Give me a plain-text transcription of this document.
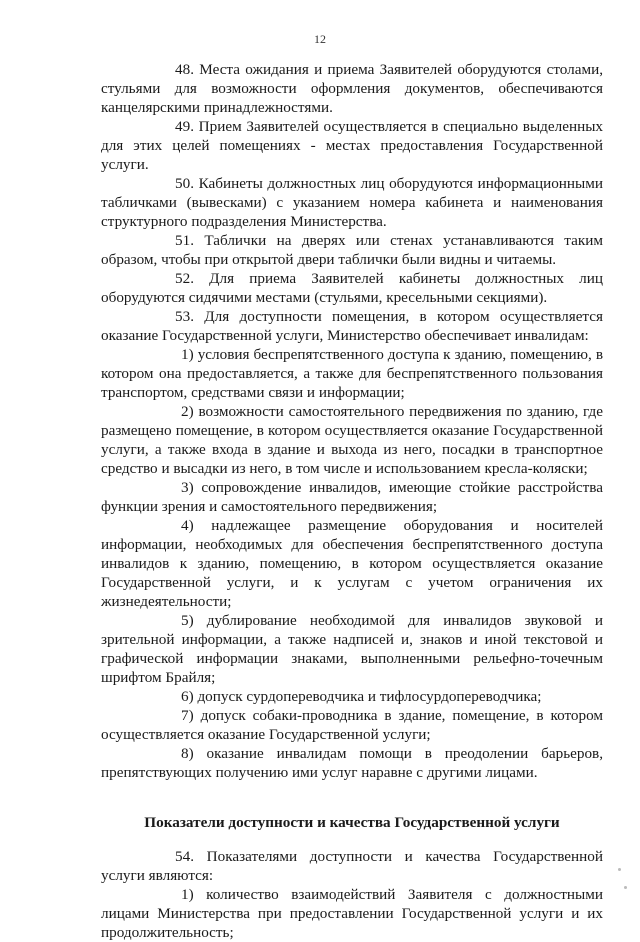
12

48. Места ожидания и приема Заявителей оборудуются столами, стульями для возможности оформления документов, обеспечиваются канцелярскими принадлежностями.

49. Прием Заявителей осуществляется в специально выделенных для этих целей помещениях - местах предоставления Государственной услуги.

50. Кабинеты должностных лиц оборудуются информационными табличками (вывесками) с указанием номера кабинета и наименования структурного подразделения Министерства.

51. Таблички на дверях или стенах устанавливаются таким образом, чтобы при открытой двери таблички были видны и читаемы.

52. Для приема Заявителей кабинеты должностных лиц оборудуются сидячими местами (стульями, кресельными секциями).

53. Для доступности помещения, в котором осуществляется оказание Государственной услуги, Министерство обеспечивает инвалидам:

1) условия беспрепятственного доступа к зданию, помещению, в котором она предоставляется, а также для беспрепятственного пользования транспортом, средствами связи и информации;

2) возможности самостоятельного передвижения по зданию, где размещено помещение, в котором осуществляется оказание Государственной услуги, а также входа в здание и выхода из него, посадки в транспортное средство и высадки из него, в том числе и использованием кресла-коляски;

3) сопровождение инвалидов, имеющие стойкие расстройства функции зрения и самостоятельного передвижения;

4) надлежащее размещение оборудования и носителей информации, необходимых для обеспечения беспрепятственного доступа инвалидов к зданию, помещению, в котором осуществляется оказание Государственной услуги, и к услугам с учетом ограничения их жизнедеятельности;

5) дублирование необходимой для инвалидов звуковой и зрительной информации, а также надписей и, знаков и иной текстовой и графической информации знаками, выполненными рельефно-точечным шрифтом Брайля;

6) допуск сурдопереводчика и тифлосурдопереводчика;

7) допуск собаки-проводника в здание, помещение, в котором осуществляется оказание Государственной услуги;

8) оказание инвалидам помощи в преодолении барьеров, препятствующих получению ими услуг наравне с другими лицами.

Показатели доступности и качества Государственной услуги

54. Показателями доступности и качества Государственной услуги являются:

1) количество взаимодействий Заявителя с должностными лицами Министерства при предоставлении Государственной услуги и их продолжительность;
